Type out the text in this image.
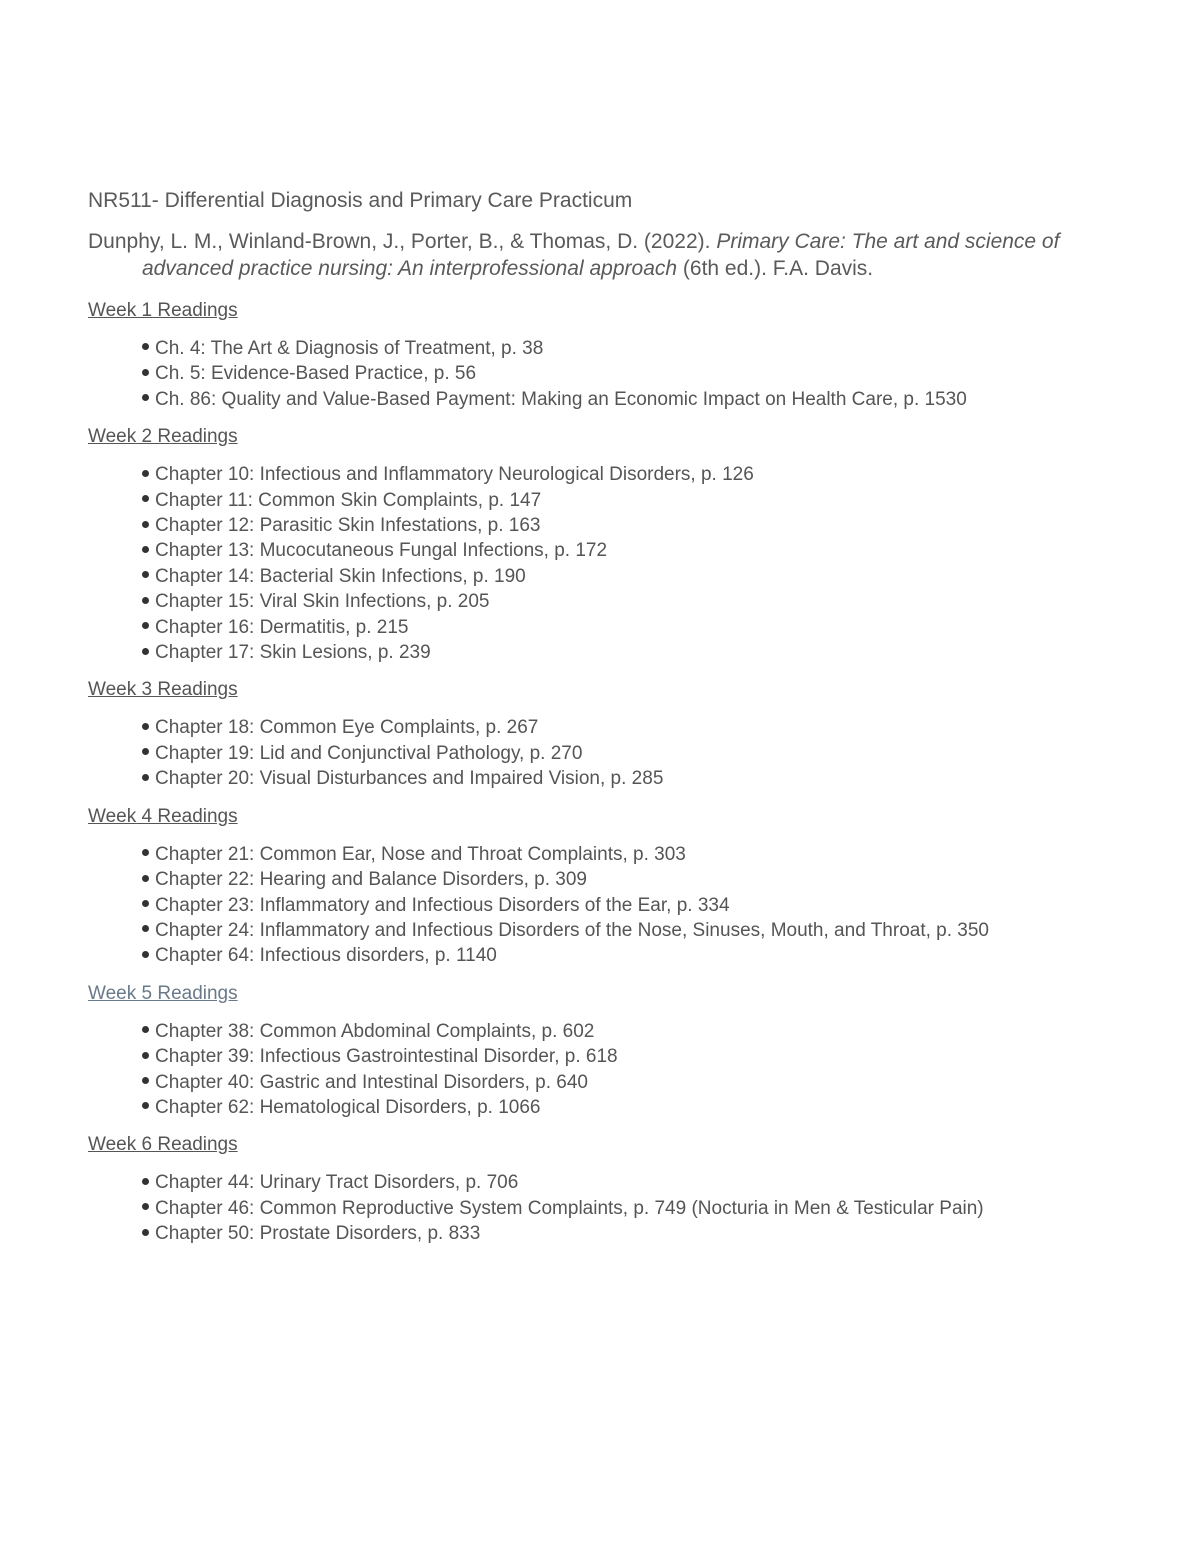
NR511- Differential Diagnosis and Primary Care Practicum

Dunphy, L. M., Winland-Brown, J., Porter, B., & Thomas, D. (2022). Primary Care: The art and science of advanced practice nursing: An interprofessional approach (6th ed.). F.A. Davis.

Week 1 Readings
Ch. 4: The Art & Diagnosis of Treatment, p. 38
Ch. 5: Evidence-Based Practice, p. 56
Ch. 86: Quality and Value-Based Payment: Making an Economic Impact on Health Care, p. 1530
Week 2 Readings
Chapter 10: Infectious and Inflammatory Neurological Disorders, p. 126
Chapter 11: Common Skin Complaints, p. 147
Chapter 12: Parasitic Skin Infestations, p. 163
Chapter 13: Mucocutaneous Fungal Infections, p. 172
Chapter 14: Bacterial Skin Infections, p. 190
Chapter 15: Viral Skin Infections, p. 205
Chapter 16: Dermatitis, p. 215
Chapter 17: Skin Lesions, p. 239
Week 3 Readings
Chapter 18: Common Eye Complaints, p. 267
Chapter 19: Lid and Conjunctival Pathology, p. 270
Chapter 20: Visual Disturbances and Impaired Vision, p. 285
Week 4 Readings
Chapter 21: Common Ear, Nose and Throat Complaints, p. 303
Chapter 22: Hearing and Balance Disorders, p. 309
Chapter 23: Inflammatory and Infectious Disorders of the Ear, p. 334
Chapter 24: Inflammatory and Infectious Disorders of the Nose, Sinuses, Mouth, and Throat, p. 350
Chapter 64: Infectious disorders, p. 1140
Week 5 Readings
Chapter 38: Common Abdominal Complaints, p. 602
Chapter 39: Infectious Gastrointestinal Disorder, p. 618
Chapter 40: Gastric and Intestinal Disorders, p. 640
Chapter 62: Hematological Disorders, p. 1066
Week 6 Readings
Chapter 44: Urinary Tract Disorders, p. 706
Chapter 46: Common Reproductive System Complaints, p. 749 (Nocturia in Men & Testicular Pain)
Chapter 50: Prostate Disorders, p. 833
